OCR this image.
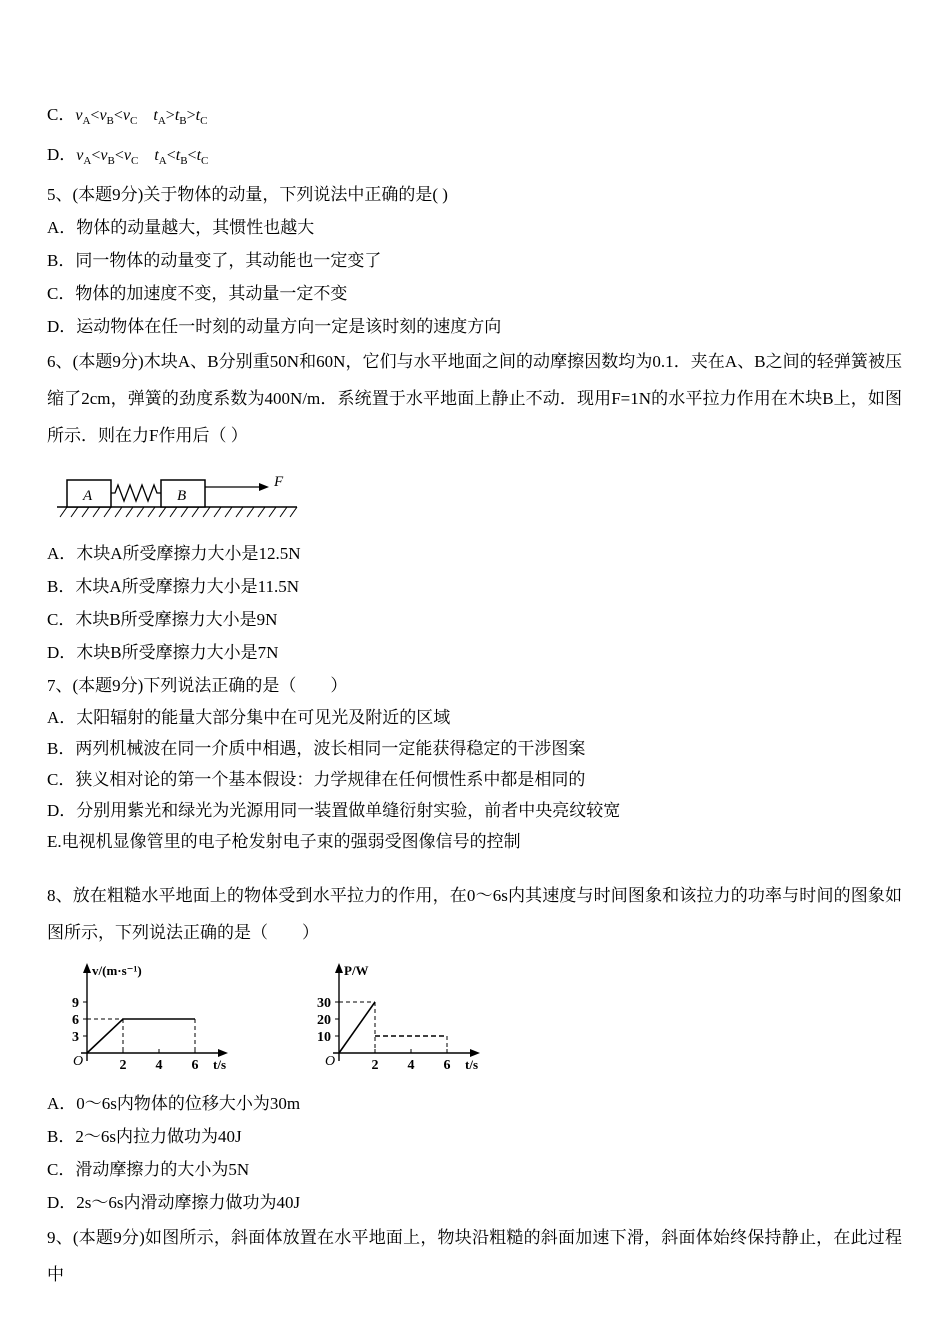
C．$v_A<v_B<v_C$ $t_A>t_B>t_C$

D．$v_A<v_B<v_C$ $t_A<t_B<t_C$

5、(本题9分)关于物体的动量，下列说法中正确的是( )

A．物体的动量越大，其惯性也越大

B．同一物体的动量变了，其动能也一定变了

C．物体的加速度不变，其动量一定不变

D．运动物体在任一时刻的动量方向一定是该时刻的速度方向

6、(本题9分)木块A、B分别重50N和60N，它们与水平地面之间的动摩擦因数均为0.1．夹在A、B之间的轻弹簧被压缩了2cm，弹簧的劲度系数为400N/m．系统置于水平地面上静止不动．现用F=1N的水平拉力作用在木块B上，如图所示．则在力F作用后（ ）

A	B
F

A．木块A所受摩擦力大小是12.5N

B．木块A所受摩擦力大小是11.5N

C．木块B所受摩擦力大小是9N

D．木块B所受摩擦力大小是7N

7、(本题9分)下列说法正确的是（　　）

A．太阳辐射的能量大部分集中在可见光及附近的区域

B．两列机械波在同一介质中相遇，波长相同一定能获得稳定的干涉图案

C．狭义相对论的第一个基本假设：力学规律在任何惯性系中都是相同的

D．分别用紫光和绿光为光源用同一装置做单缝衍射实验，前者中央亮纹较宽

E.电视机显像管里的电子枪发射电子束的强弱受图像信号的控制

8、放在粗糙水平地面上的物体受到水平拉力的作用，在0～6s内其速度与时间图象和该拉力的功率与时间的图象如图所示，下列说法正确的是（　　）

3
6
9
2 4 6
v/(m·s⁻¹)
t/s
O
10
20
30
2 4 6
P/W
t/s
O

A．0～6s内物体的位移大小为30m

B．2～6s内拉力做功为40J

C．滑动摩擦力的大小为5N

D．2s～6s内滑动摩擦力做功为40J

9、(本题9分)如图所示，斜面体放置在水平地面上，物块沿粗糙的斜面加速下滑，斜面体始终保持静止，在此过程中
